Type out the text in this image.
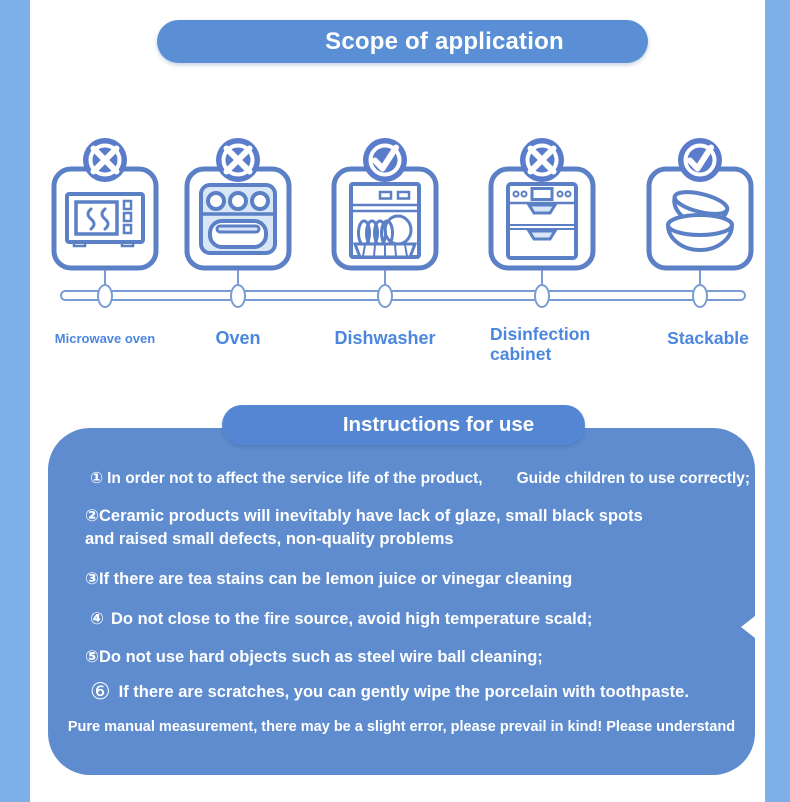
Scope of application
Microwave oven	Oven	Dishwasher	Disinfection cabinet
Stackable
① In order not to affect the service life of the product, Guide children to use correctly;
②Ceramic products will inevitably have lack of glaze, small black spots
and raised small defects, non-quality problems
③If there are tea stains can be lemon juice or vinegar cleaning
④ Do not close to the fire source, avoid high temperature scald;
⑤Do not use hard objects such as steel wire ball cleaning;
⑥ If there are scratches, you can gently wipe the porcelain with toothpaste.
Pure manual measurement, there may be a slight error, please prevail in kind! Please understand
Instructions for use
